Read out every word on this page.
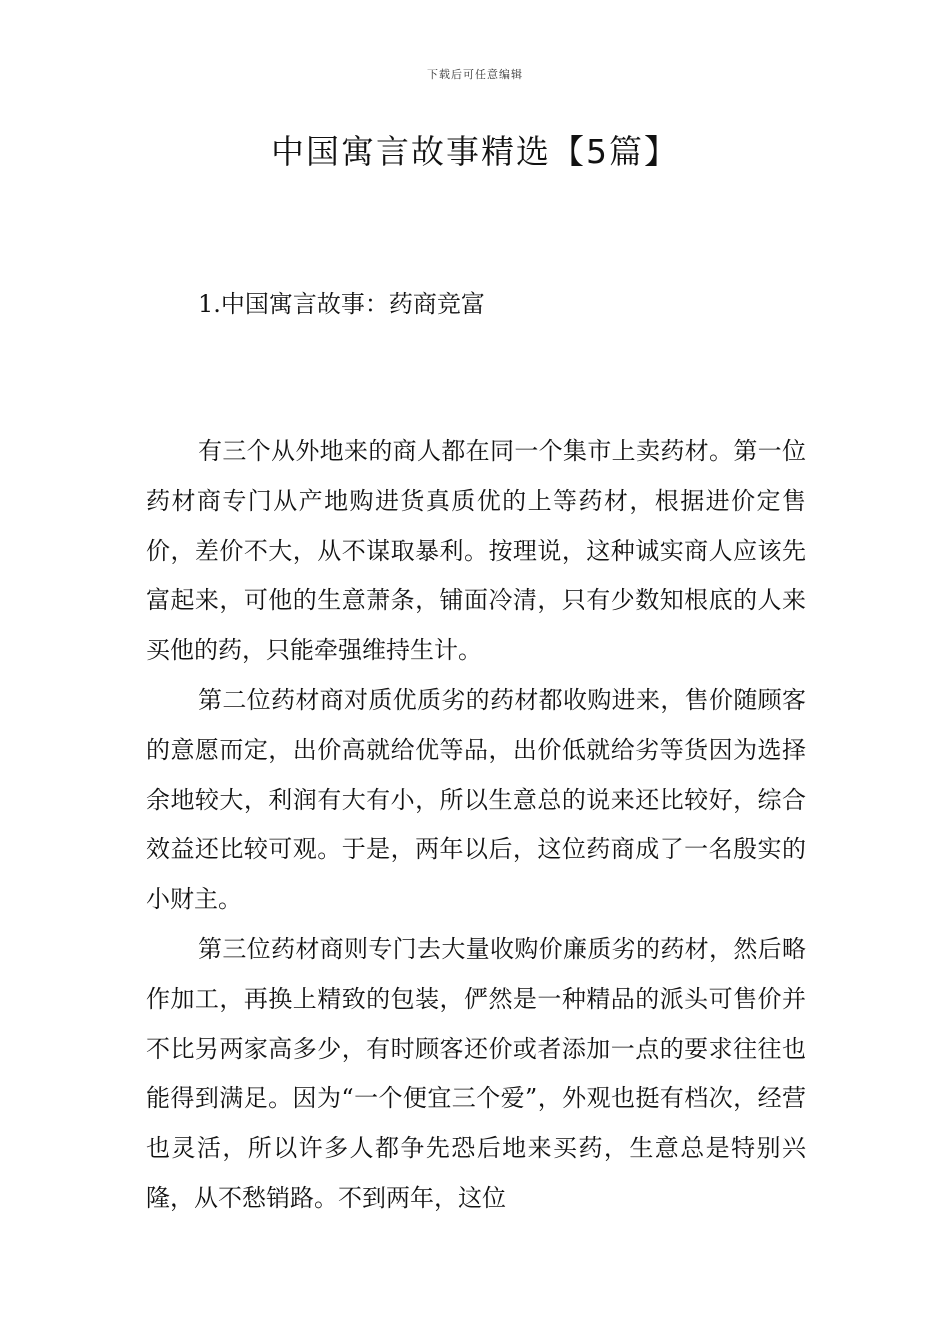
下载后可任意编辑
中国寓言故事精选【5篇】
1.中国寓言故事：药商竞富

有三个从外地来的商人都在同一个集市上卖药材。第一位药材商专门从产地购进货真质优的上等药材，根据进价定售价，差价不大，从不谋取暴利。按理说，这种诚实商人应该先富起来，可他的生意萧条，铺面冷清，只有少数知根底的人来买他的药，只能牵强维持生计。

第二位药材商对质优质劣的药材都收购进来，售价随顾客的意愿而定，出价高就给优等品，出价低就给劣等货因为选择余地较大，利润有大有小，所以生意总的说来还比较好，综合效益还比较可观。于是，两年以后，这位药商成了一名殷实的小财主。

第三位药材商则专门去大量收购价廉质劣的药材，然后略作加工，再换上精致的包装，俨然是一种精品的派头可售价并不比另两家高多少，有时顾客还价或者添加一点的要求往往也能得到满足。因为“一个便宜三个爱”，外观也挺有档次，经营也灵活，所以许多人都争先恐后地来买药，生意总是特别兴隆，从不愁销路。不到两年，这位
